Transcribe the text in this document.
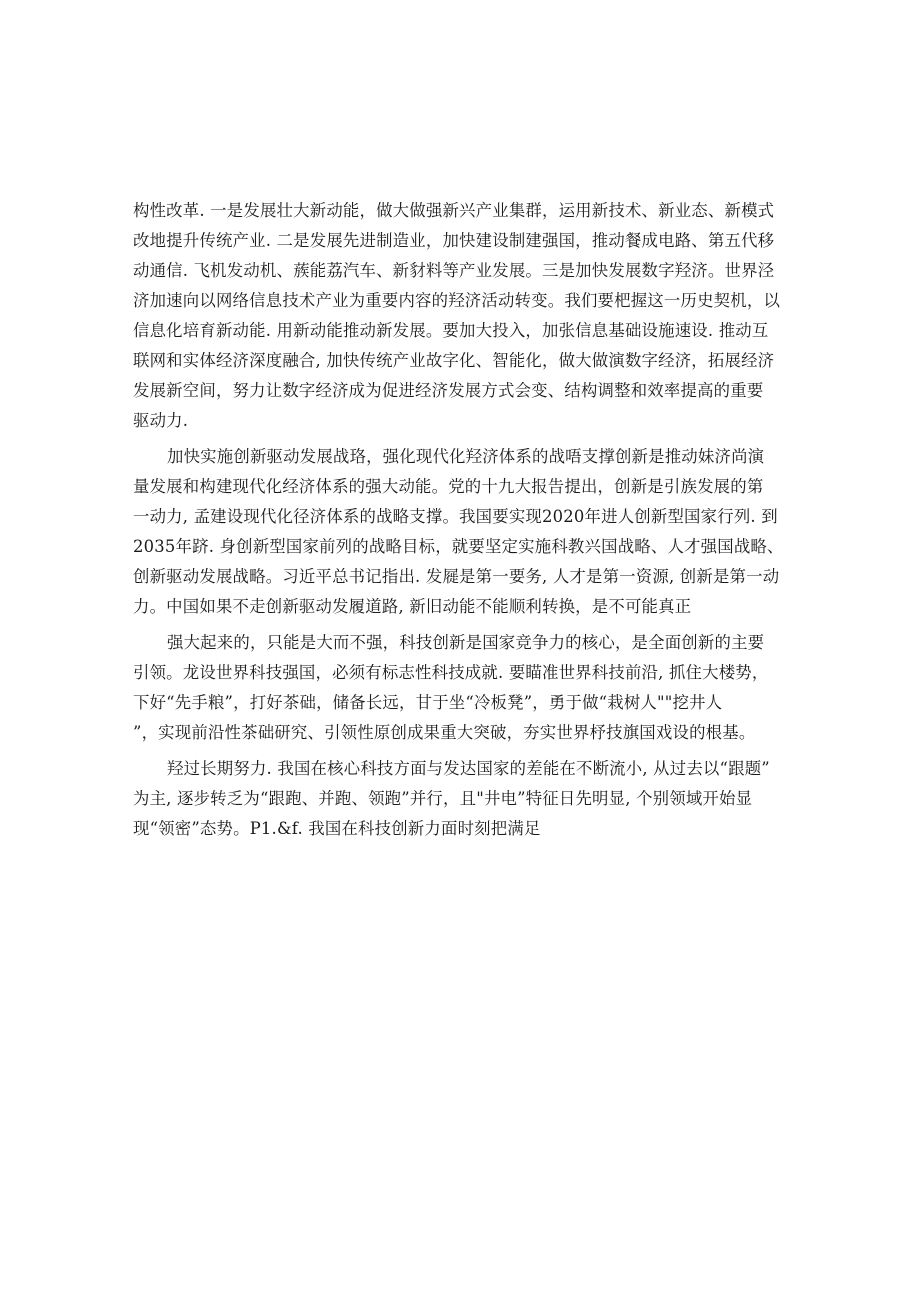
构性改革. 一是发展壮大新动能，做大做强新兴产业集群，运用新技术、新业态、新模式
改地提升传统产业. 二是发展先进制造业，加快建设制建强国，推动餐成电路、第五代移
动通信. 飞机发动机、蔟能荔汽车、新豺料等产业发展。三是加快发展数字羟济。世界泾
济加速向以网络信息技术产业为重要内容的羟济活动转变。我们要杷握这一历史契机，以
信息化培育新动能. 用新动能推动新发展。要加大投入，加张信息基础设施速设. 推动互
联网和实体经济深度融合, 加快传统产业故字化、智能化，做大做演数字经济，拓展经济
发展新空间，努力让数字经济成为促进经济发展方式会变、结构调整和效率提高的重要
驱动力.
加快实施创新驱动发展战珞，强化现代化羟济体系的战唔支撑创新是推动妹济尚演
量发展和构建现代化经济体系的强大动能。党的十九大报告提出，创新是引族发展的第
一动力, 孟建设现代化径济体系的战略支撑。我国要实现2020年进人创新型国家行列. 到
2035年跻. 身创新型国家前列的战略目标，就要坚定实施科教兴国战略、人才强国战略、
创新驱动发展战略。习近平总书记指出. 发屣是第一要务, 人才是第一资源, 创新是第一动
力。中国如果不走创新驱动发履道路, 新旧动能不能顺利转换，是不可能真正
强大起来的，只能是大而不强，科技创新是国家竞争力的核心，是全面创新的主要
引领。龙设世界科技强国，必须有标志性科技成就. 要瞄准世界科技前沿, 抓住大楼势，
下好“先手粮”，打好茶础，储备长远，甘于坐“冷板凳”，勇于做“栽树人""挖井人
”，实现前沿性茶础研究、引领性原创成果重大突破，夯实世界杼技旗国戏设的根基。
羟过长期努力. 我国在核心科技方面与发达国家的差能在不断流小, 从过去以“跟题”
为主, 逐步转乏为“跟跑、并跑、领跑”并行，且"井电”特征日先明显, 个别领域开始显
现“领密”态势。P1.&f. 我国在科技创新力面时刻把满足
